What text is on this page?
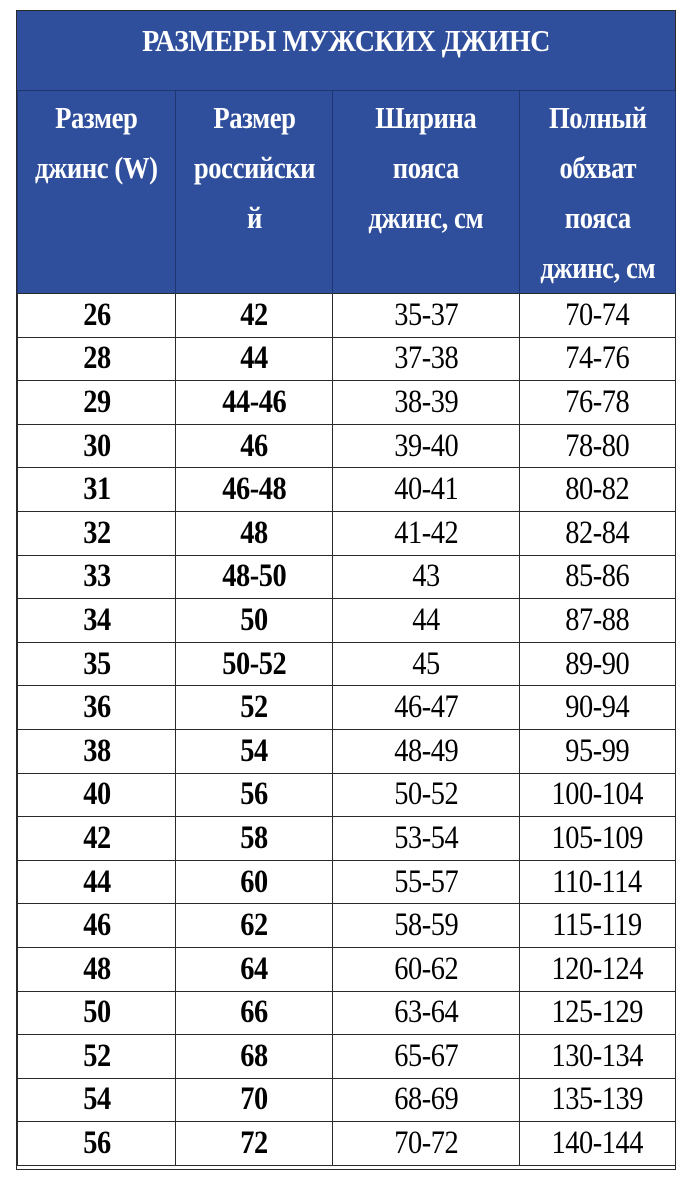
РАЗМЕРЫ МУЖСКИХ ДЖИНС
Размер
джинс (W)	Размер
российски
й	Ширина
пояса
джинс, см	Полный
обхват
пояса
джинс, см
26	42	35-37	70-74
28	44	37-38	74-76
29	44-46	38-39	76-78
30	46	39-40	78-80
31	46-48	40-41	80-82
32	48	41-42	82-84
33	48-50	43	85-86
34	50	44	87-88
35	50-52	45	89-90
36	52	46-47	90-94
38	54	48-49	95-99
40	56	50-52	100-104
42	58	53-54	105-109
44	60	55-57	110-114
46	62	58-59	115-119
48	64	60-62	120-124
50	66	63-64	125-129
52	68	65-67	130-134
54	70	68-69	135-139
56	72	70-72	140-144
